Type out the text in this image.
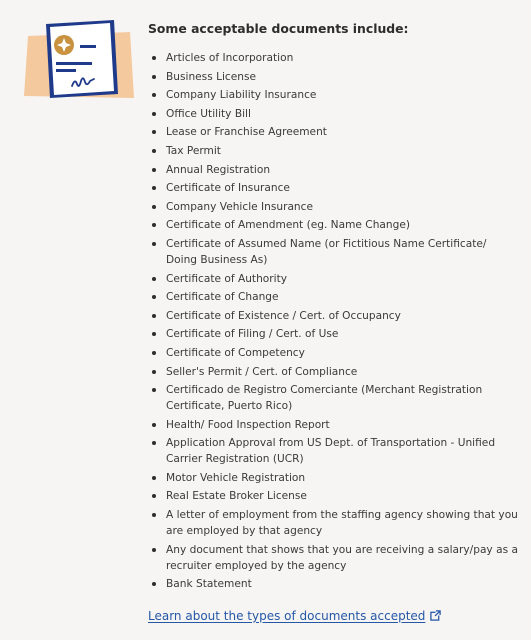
Some acceptable documents include:
Articles of Incorporation
Business License
Company Liability Insurance
Office Utility Bill
Lease or Franchise Agreement
Tax Permit
Annual Registration
Certificate of Insurance
Company Vehicle Insurance
Certificate of Amendment (eg. Name Change)
Certificate of Assumed Name (or Fictitious Name Certificate/ Doing Business As)
Certificate of Authority
Certificate of Change
Certificate of Existence / Cert. of Occupancy
Certificate of Filing / Cert. of Use
Certificate of Competency
Seller's Permit / Cert. of Compliance
Certificado de Registro Comerciante (Merchant Registration Certificate, Puerto Rico)
Health/ Food Inspection Report
Application Approval from US Dept. of Transportation - Unified Carrier Registration (UCR)
Motor Vehicle Registration
Real Estate Broker License
A letter of employment from the staffing agency showing that you are employed by that agency
Any document that shows that you are receiving a salary/pay as a recruiter employed by the agency
Bank Statement
Learn about the types of documents accepted
